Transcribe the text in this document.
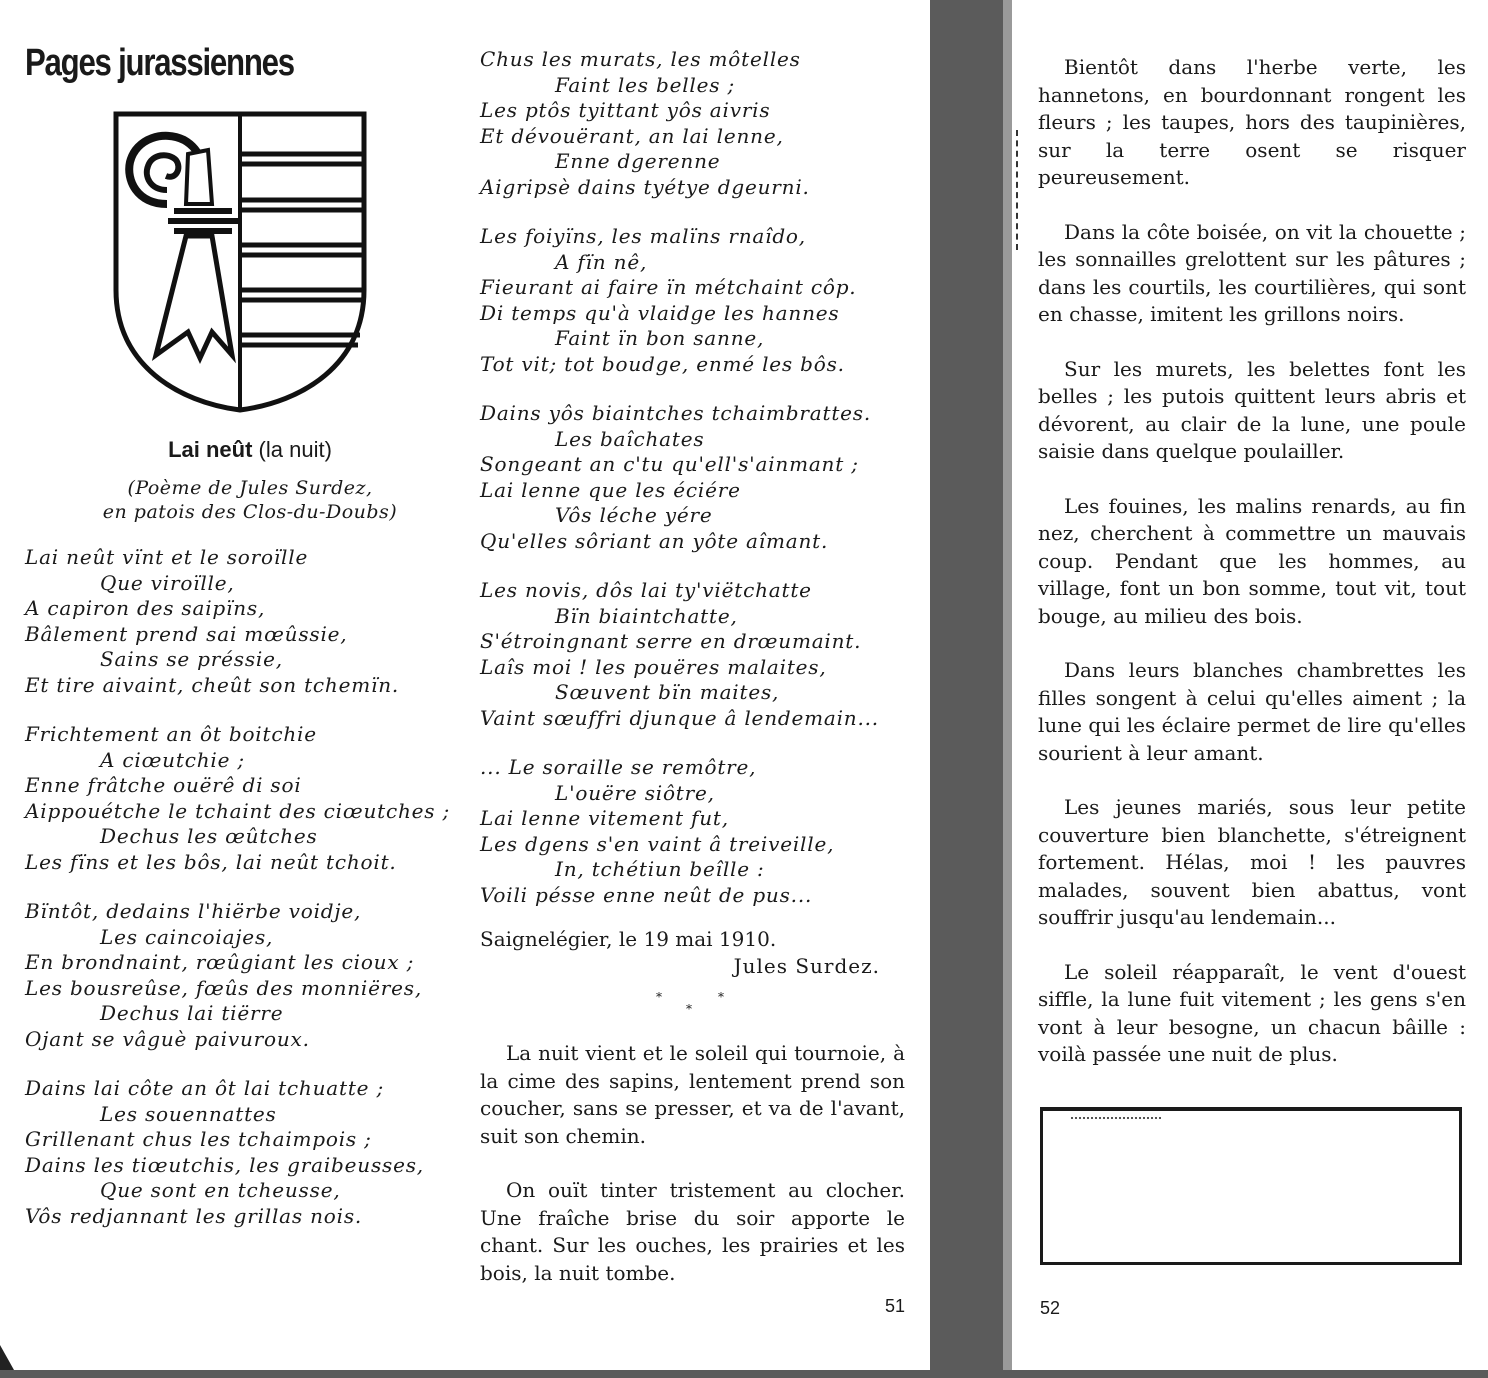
Pages jurassiennes
Lai neût (la nuit)
(Poème de Jules Surdez,
en patois des Clos-du-Doubs)
Lai neût vïnt et le soroïlle
Que viroïlle,
A capiron des saipïns,
Bâlement prend sai mœûssie,
Sains se préssie,
Et tire aivaint, cheût son tchemïn.
Frichtement an ôt boitchie
A ciœutchie ;
Enne frâtche ouërê di soi
Aippouétche le tchaint des ciœutches ;
Dechus les œûtches
Les fïns et les bôs, lai neût tchoit.
Bïntôt, dedains l'hiërbe voidje,
Les caincoiajes,
En brondnaint, rœûgiant les cioux ;
Les bousreûse, fœûs des monniëres,
Dechus lai tiërre
Ojant se vâguè paivuroux.
Dains lai côte an ôt lai tchuatte ;
Les souennattes
Grillenant chus les tchaimpois ;
Dains les tiœutchis, les graibeusses,
Que sont en tcheusse,
Vôs redjannant les grillas nois.
Chus les murats, les môtelles
Faint les belles ;
Les ptôs tyittant yôs aivris
Et dévouërant, an lai lenne,
Enne dgerenne
Aigripsè dains tyétye dgeurni.
Les foiyïns, les malïns rnaîdo,
A fïn nê,
Fieurant ai faire ïn métchaint côp.
Di temps qu'à vlaidge les hannes
Faint ïn bon sanne,
Tot vit; tot boudge, enmé les bôs.
Dains yôs biaintches tchaimbrattes.
Les baîchates
Songeant an c'tu qu'ell's'ainmant ;
Lai lenne que les éciére
Vôs léche yére
Qu'elles sôriant an yôte aîmant.
Les novis, dôs lai ty'viëtchatte
Bïn biaintchatte,
S'étroingnant serre en drœumaint.
Laîs moi ! les pouëres malaites,
Sœuvent bïn maites,
Vaint sœuffri djunque â lendemain...
... Le soraille se remôtre,
L'ouëre siôtre,
Lai lenne vitement fut,
Les dgens s'en vaint â treiveille,
In, tchétiun beîlle :
Voili pésse enne neût de pus...
Saignelégier, le 19 mai 1910.
Jules Surdez.
*
*
*

La nuit vient et le soleil qui tournoie, à la cime des sapins, lentement prend son coucher, sans se presser, et va de l'avant, suit son chemin.

On ouït tinter tristement au clocher. Une fraîche brise du soir apporte le chant. Sur les ouches, les prairies et les bois, la nuit tombe.

51

Bientôt dans l'herbe verte, les hannetons, en bourdonnant rongent les fleurs ; les taupes, hors des taupinières, sur la terre osent se risquer peureusement.

Dans la côte boisée, on vit la chouette ; les sonnailles grelottent sur les pâtures ; dans les courtils, les courtilières, qui sont en chasse, imitent les grillons noirs.

Sur les murets, les belettes font les belles ; les putois quittent leurs abris et dévorent, au clair de la lune, une poule saisie dans quelque poulailler.

Les fouines, les malins renards, au fin nez, cherchent à commettre un mauvais coup. Pendant que les hommes, au village, font un bon somme, tout vit, tout bouge, au milieu des bois.

Dans leurs blanches chambrettes les filles songent à celui qu'elles aiment ; la lune qui les éclaire permet de lire qu'elles sourient à leur amant.

Les jeunes mariés, sous leur petite couverture bien blanchette, s'étreignent fortement. Hélas, moi ! les pauvres malades, souvent bien abattus, vont souffrir jusqu'au lendemain...

Le soleil réapparaît, le vent d'ouest siffle, la lune fuit vitement ; les gens s'en vont à leur besogne, un chacun bâille : voilà passée une nuit de plus.

52
